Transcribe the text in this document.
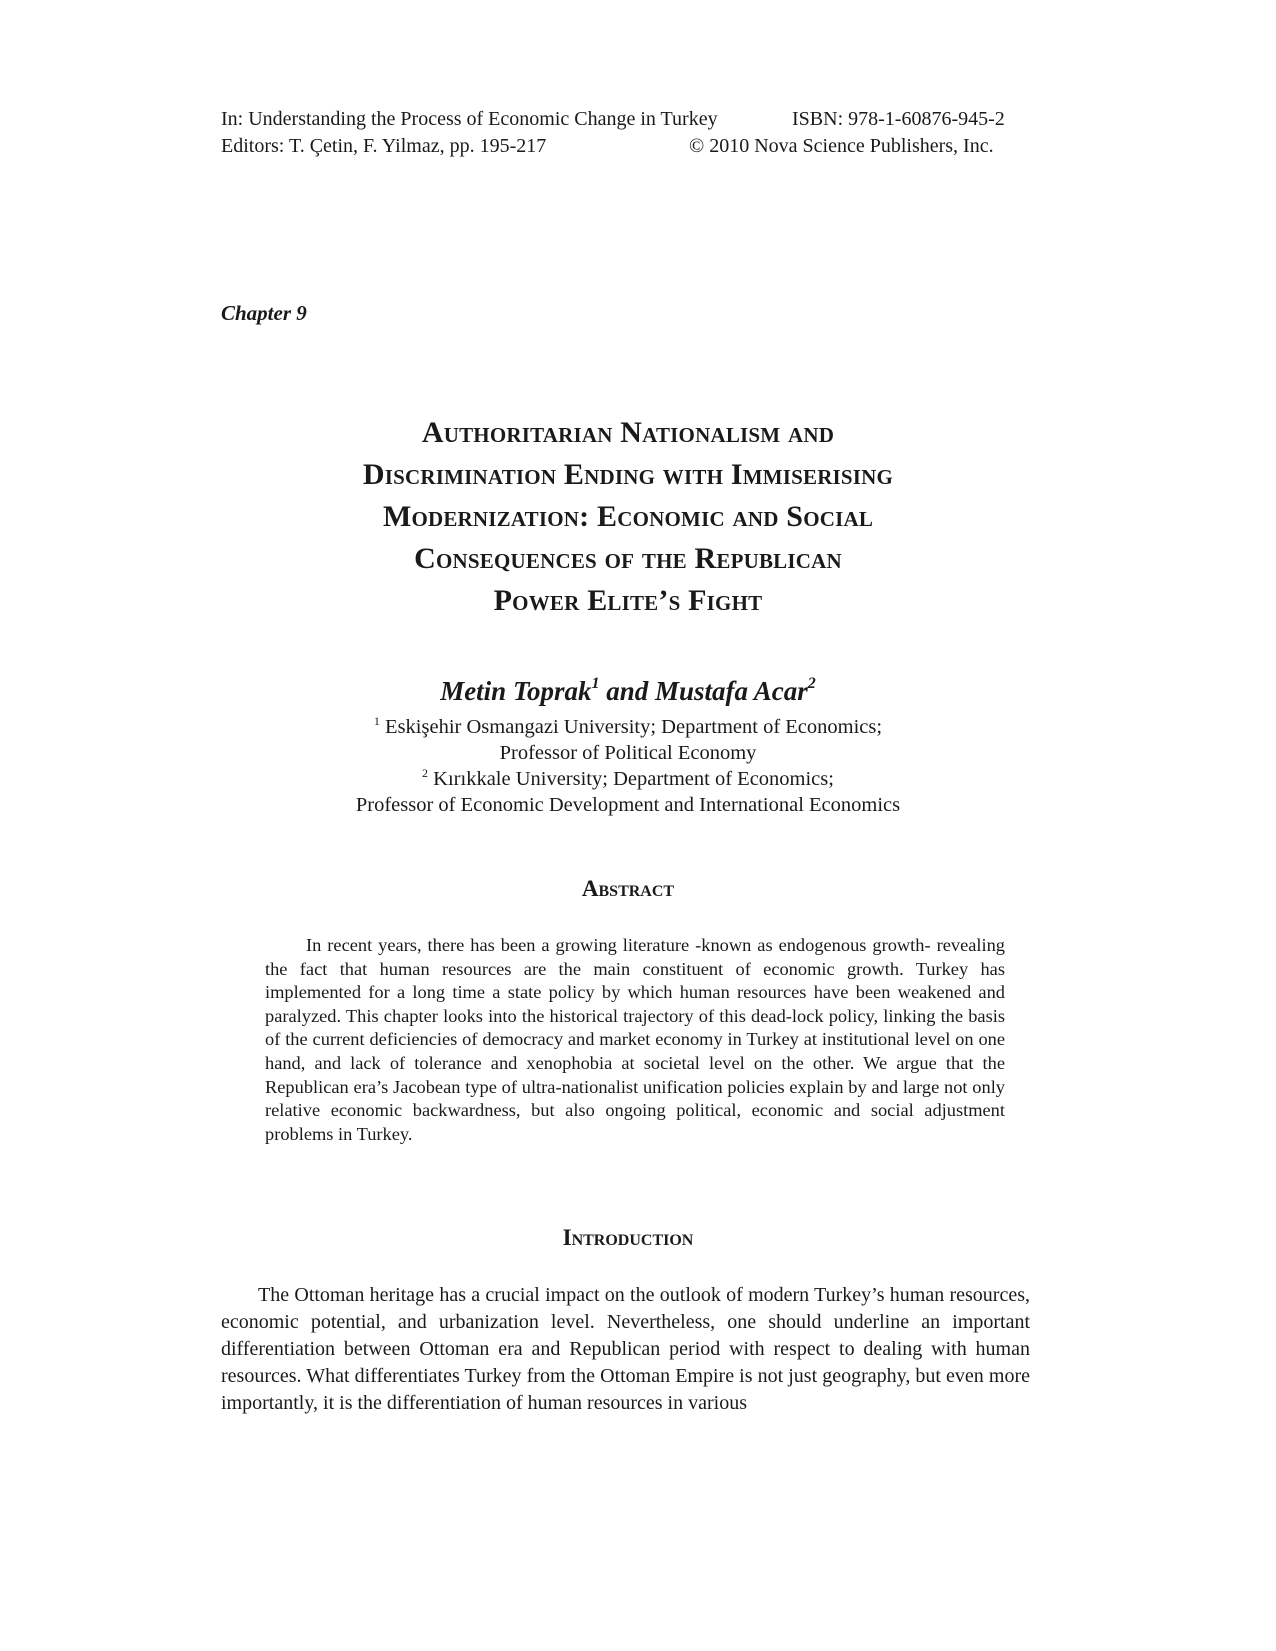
In: Understanding the Process of Economic Change in Turkey	ISBN: 978-1-60876-945-2
Editors: T. Çetin, F. Yilmaz, pp. 195-217	© 2010 Nova Science Publishers, Inc.
Chapter 9
Authoritarian Nationalism and
Discrimination Ending with Immiserising
Modernization: Economic and Social
Consequences of the Republican
Power Elite’s Fight
Metin Toprak$^1$ and Mustafa Acar$^2$
$^1$ Eskişehir Osmangazi University; Department of Economics;
Professor of Political Economy
$^2$ Kırıkkale University; Department of Economics;
Professor of Economic Development and International Economics
Abstract
In recent years, there has been a growing literature -known as endogenous growth- revealing the fact that human resources are the main constituent of economic growth. Turkey has implemented for a long time a state policy by which human resources have been weakened and paralyzed. This chapter looks into the historical trajectory of this dead-lock policy, linking the basis of the current deficiencies of democracy and market economy in Turkey at institutional level on one hand, and lack of tolerance and xenophobia at societal level on the other. We argue that the Republican era’s Jacobean type of ultra-nationalist unification policies explain by and large not only relative economic backwardness, but also ongoing political, economic and social adjustment problems in Turkey.
Introduction
The Ottoman heritage has a crucial impact on the outlook of modern Turkey’s human resources, economic potential, and urbanization level. Nevertheless, one should underline an important differentiation between Ottoman era and Republican period with respect to dealing with human resources. What differentiates Turkey from the Ottoman Empire is not just geography, but even more importantly, it is the differentiation of human resources in various
